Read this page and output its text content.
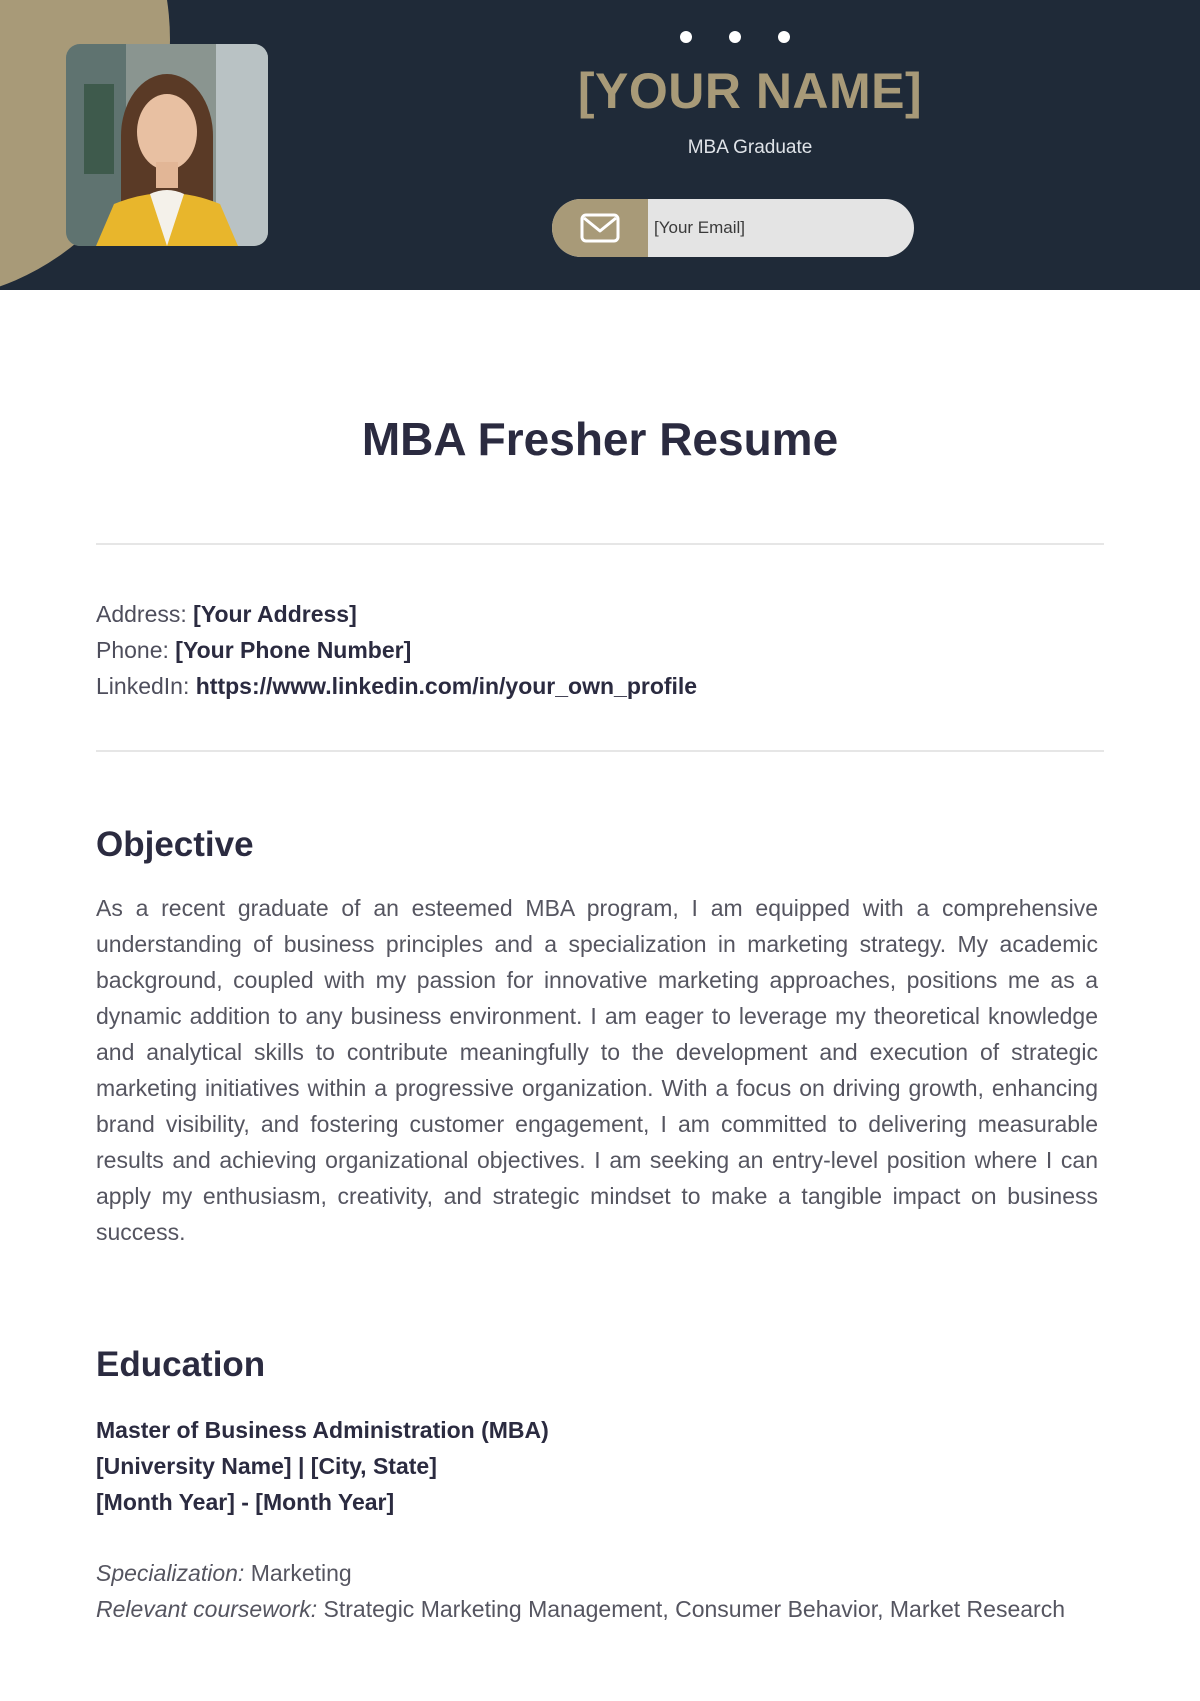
[YOUR NAME]
MBA Graduate
[Your Email]
MBA Fresher Resume
Address: [Your Address]
Phone: [Your Phone Number]
LinkedIn: https://www.linkedin.com/in/your_own_profile
Objective

As a recent graduate of an esteemed MBA program, I am equipped with a comprehensive understanding of business principles and a specialization in marketing strategy. My academic background, coupled with my passion for innovative marketing approaches, positions me as a dynamic addition to any business environment. I am eager to leverage my theoretical knowledge and analytical skills to contribute meaningfully to the development and execution of strategic marketing initiatives within a progressive organization. With a focus on driving growth, enhancing brand visibility, and fostering customer engagement, I am committed to delivering measurable results and achieving organizational objectives. I am seeking an entry-level position where I can apply my enthusiasm, creativity, and strategic mindset to make a tangible impact on business success.

Education
Master of Business Administration (MBA)
[University Name] | [City, State]
[Month Year] - [Month Year]
Specialization: Marketing
Relevant coursework: Strategic Marketing Management, Consumer Behavior, Market Research
